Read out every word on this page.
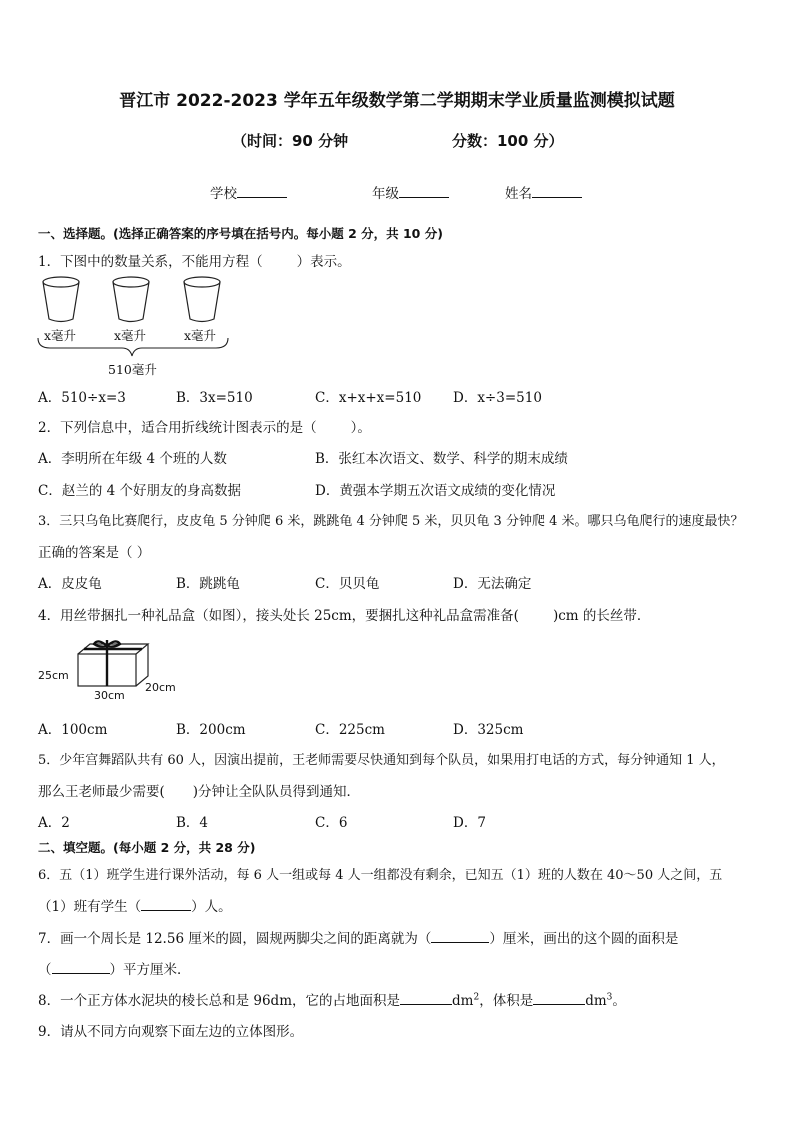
晋江市 2022-2023 学年五年级数学第二学期期末学业质量监测模拟试题
（时间：90 分钟	分数：100 分）
学校	年级	姓名
一、选择题。(选择正确答案的序号填在括号内。每小题 2 分，共 10 分)
1．下图中的数量关系，不能用方程（	）表示。
x毫升	x毫升	x毫升
510毫升
A．510÷x=3	B．3x=510	C．x+x+x=510 D．x÷3=510
2．下列信息中，适合用折线统计图表示的是（	）。
A．李明所在年级 4 个班的人数	B．张红本次语文、数学、科学的期末成绩
C．赵兰的 4 个好朋友的身高数据	D．黄强本学期五次语文成绩的变化情况
3．三只乌龟比赛爬行，皮皮龟 5 分钟爬 6 米，跳跳龟 4 分钟爬 5 米，贝贝龟 3 分钟爬 4 米。哪只乌龟爬行的速度最快？
正确的答案是（ ）
A．皮皮龟	B．跳跳龟	C．贝贝龟	D．无法确定
4．用丝带捆扎一种礼品盒（如图），接头处长 25cm，要捆扎这种礼品盒需准备(	)cm 的长丝带．
25cm
30cm
20cm
A．100cm	B．200cm	C．225cm	D．325cm
5．少年宫舞蹈队共有 60 人，因演出提前，王老师需要尽快通知到每个队员，如果用打电话的方式，每分钟通知 1 人，
那么王老师最少需要( )分钟让全队队员得到通知．
A．2	B．4	C．6	D．7
二、填空题。(每小题 2 分，共 28 分)
6．五（1）班学生进行课外活动，每 6 人一组或每 4 人一组都没有剩余，已知五（1）班的人数在 40～50 人之间，五
（1）班有学生（	）人。
7．画一个周长是 12.56 厘米的圆，圆规两脚尖之间的距离就为（	）厘米，画出的这个圆的面积是
（	）平方厘米．
8．一个正方体水泥块的棱长总和是 96dm，它的占地面积是	$dm^2$，体积是	$dm^3$。
9．请从不同方向观察下面左边的立体图形。
